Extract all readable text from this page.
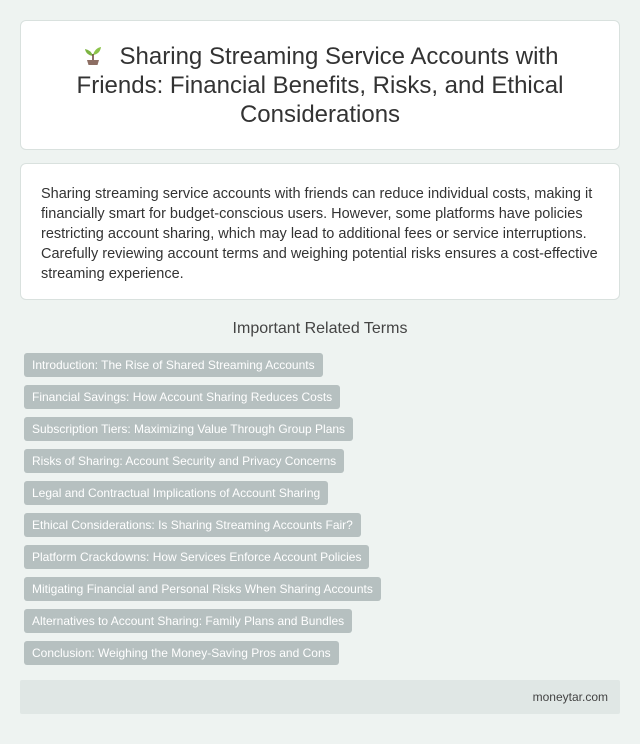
Sharing Streaming Service Accounts with Friends: Financial Benefits, Risks, and Ethical Considerations

Sharing streaming service accounts with friends can reduce individual costs, making it financially smart for budget-conscious users. However, some platforms have policies restricting account sharing, which may lead to additional fees or service interruptions. Carefully reviewing account terms and weighing potential risks ensures a cost-effective streaming experience.

Important Related Terms
Introduction: The Rise of Shared Streaming Accounts
Financial Savings: How Account Sharing Reduces Costs
Subscription Tiers: Maximizing Value Through Group Plans
Risks of Sharing: Account Security and Privacy Concerns
Legal and Contractual Implications of Account Sharing
Ethical Considerations: Is Sharing Streaming Accounts Fair?
Platform Crackdowns: How Services Enforce Account Policies
Mitigating Financial and Personal Risks When Sharing Accounts
Alternatives to Account Sharing: Family Plans and Bundles
Conclusion: Weighing the Money-Saving Pros and Cons
moneytar.com
